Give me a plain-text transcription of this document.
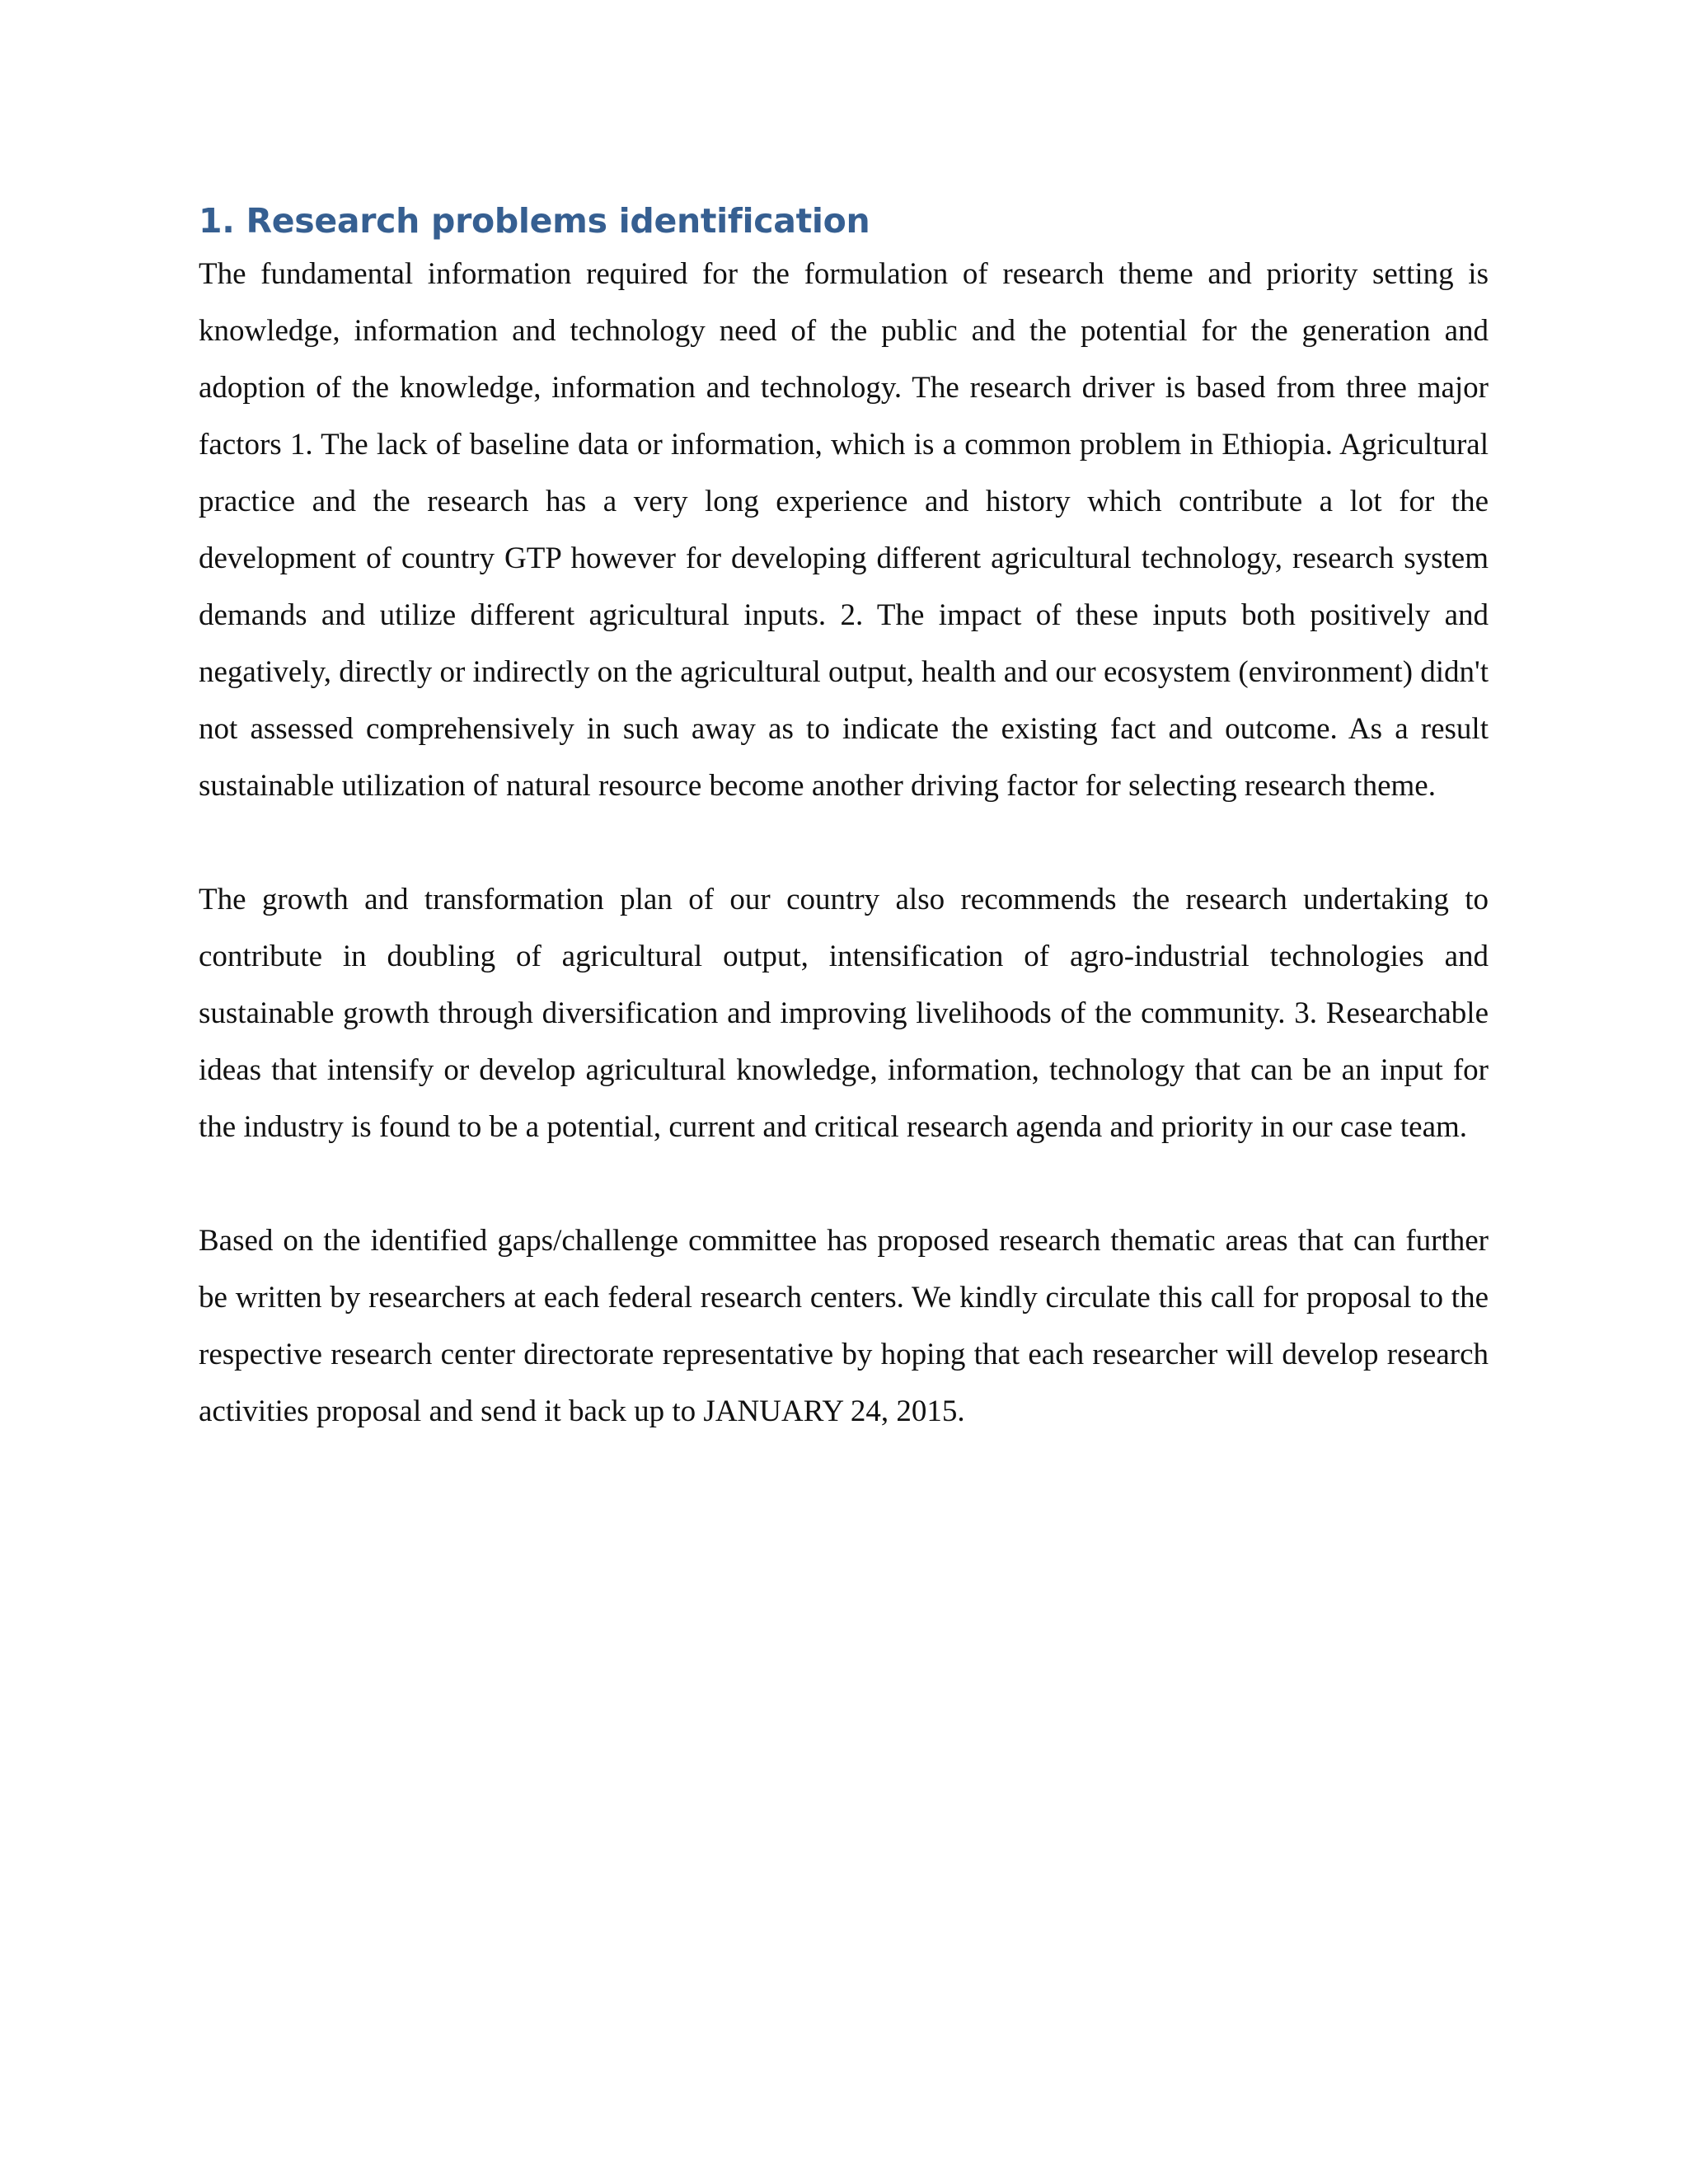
1. Research problems identification

The fundamental information required for the formulation of research theme and priority setting is knowledge, information and technology need of the public and the potential for the generation and adoption of the knowledge, information and technology. The research driver is based from three major factors 1. The lack of baseline data or information, which is a common problem in Ethiopia. Agricultural practice and the research has a very long experience and history which contribute a lot for the development of country GTP however for developing different agricultural technology, research system demands and utilize different agricultural inputs. 2. The impact of these inputs both positively and negatively, directly or indirectly on the agricultural output, health and our ecosystem (environment) didn't not assessed comprehensively in such away as to indicate the existing fact and outcome. As a result sustainable utilization of natural resource become another driving factor for selecting research theme.

The growth and transformation plan of our country also recommends the research undertaking to contribute in doubling of agricultural output, intensification of agro-industrial technologies and sustainable growth through diversification and improving livelihoods of the community. 3. Researchable ideas that intensify or develop agricultural knowledge, information, technology that can be an input for the industry is found to be a potential, current and critical research agenda and priority in our case team.

Based on the identified gaps/challenge committee has proposed research thematic areas that can further be written by researchers at each federal research centers. We kindly circulate this call for proposal to the respective research center directorate representative by hoping that each researcher will develop research activities proposal and send it back up to JANUARY 24, 2015.
